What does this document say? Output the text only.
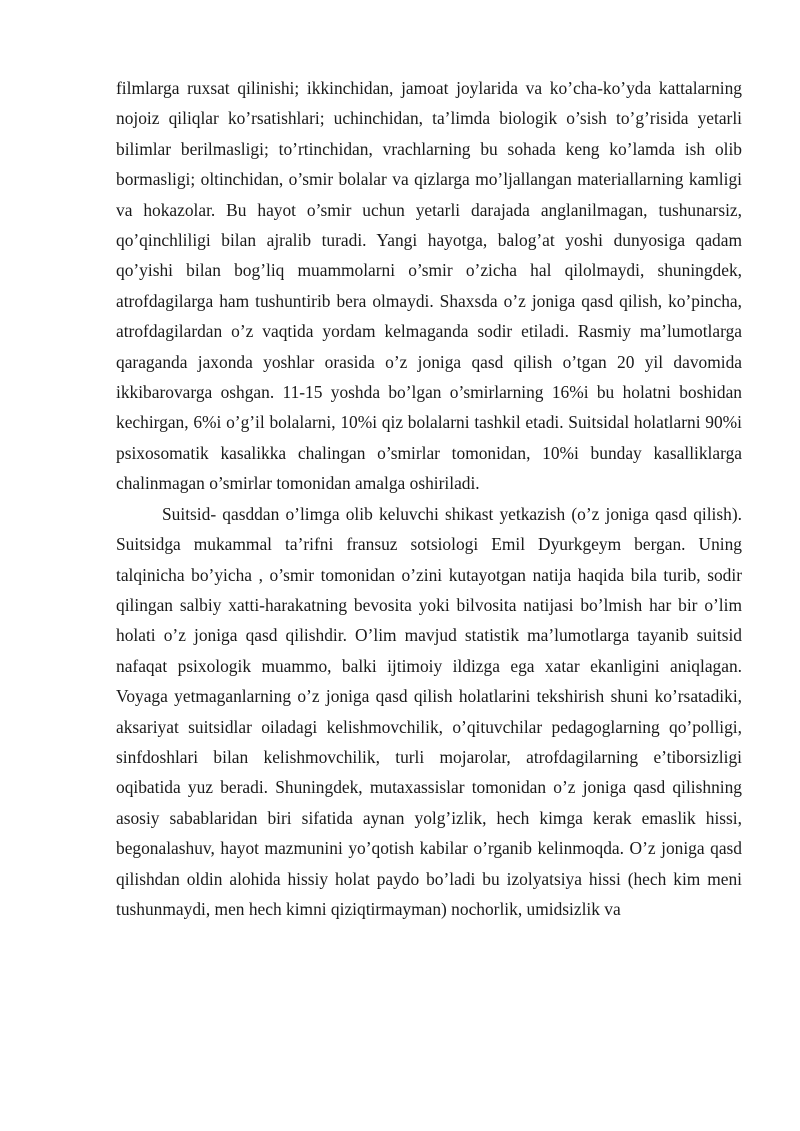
filmlarga ruxsat qilinishi; ikkinchidan, jamoat joylarida va ko’cha-ko’yda kattalarning nojoiz qiliqlar ko’rsatishlari; uchinchidan, ta’limda biologik o’sish to’g’risida yetarli bilimlar berilmasligi; to’rtinchidan, vrachlarning bu sohada keng ko’lamda ish olib bormasligi; oltinchidan, o’smir bolalar va qizlarga mo’ljallangan materiallarning kamligi va hokazolar. Bu hayot o’smir uchun yetarli darajada anglanilmagan, tushunarsiz, qo’qinchliligi bilan ajralib turadi. Yangi hayotga, balog’at yoshi dunyosiga qadam qo’yishi bilan bog’liq muammolarni o’smir o’zicha hal qilolmaydi, shuningdek, atrofdagilarga ham tushuntirib bera olmaydi. Shaxsda o’z joniga qasd qilish, ko’pincha, atrofdagilardan o’z vaqtida yordam kelmaganda sodir etiladi. Rasmiy ma’lumotlarga qaraganda jaxonda yoshlar orasida o’z joniga qasd qilish o’tgan 20 yil davomida ikkibarovarga oshgan. 11-15 yoshda bo’lgan o’smirlarning 16%i bu holatni boshidan kechirgan, 6%i o’g’il bolalarni, 10%i qiz bolalarni tashkil etadi. Suitsidal holatlarni 90%i psixosomatik kasalikka chalingan o’smirlar tomonidan, 10%i bunday kasalliklarga chalinmagan o’smirlar tomonidan amalga oshiriladi.

Suitsid- qasddan o’limga olib keluvchi shikast yetkazish (o’z joniga qasd qilish). Suitsidga mukammal ta’rifni fransuz sotsiologi Emil Dyurkgeym bergan. Uning talqinicha bo’yicha , o’smir tomonidan o’zini kutayotgan natija haqida bila turib, sodir qilingan salbiy xatti-harakatning bevosita yoki bilvosita natijasi bo’lmish har bir o’lim holati o’z joniga qasd qilishdir. O’lim mavjud statistik ma’lumotlarga tayanib suitsid nafaqat psixologik muammo, balki ijtimoiy ildizga ega xatar ekanligini aniqlagan. Voyaga yetmaganlarning o’z joniga qasd qilish holatlarini tekshirish shuni ko’rsatadiki, aksariyat suitsidlar oiladagi kelishmovchilik, o’qituvchilar pedagoglarning qo’polligi, sinfdoshlari bilan kelishmovchilik, turli mojarolar, atrofdagilarning e’tiborsizligi oqibatida yuz beradi. Shuningdek, mutaxassislar tomonidan o’z joniga qasd qilishning asosiy sabablaridan biri sifatida aynan yolg’izlik, hech kimga kerak emaslik hissi, begonalashuv, hayot mazmunini yo’qotish kabilar o’rganib kelinmoqda. O’z joniga qasd qilishdan oldin alohida hissiy holat paydo bo’ladi bu izolyatsiya hissi (hech kim meni tushunmaydi, men hech kimni qiziqtirmayman) nochorlik, umidsizlik va
